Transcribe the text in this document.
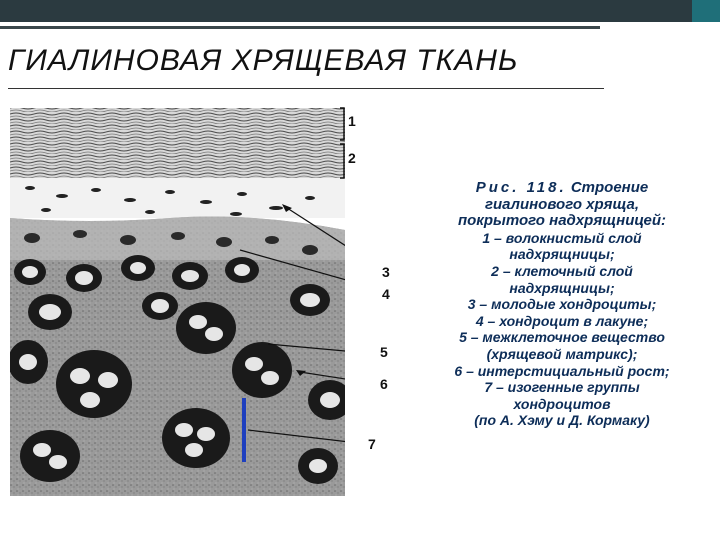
ГИАЛИНОВАЯ ХРЯЩЕВАЯ ТКАНЬ
1
2
3
4
5
6
7
Рис. 118. Строение
гиалинового хряща,
покрытого надхрящницей:
1 – волокнистый слой
надхрящницы;
2 – клеточный слой
надхрящницы;
3 – молодые хондроциты;
4 – хондроцит в лакуне;
5 – межклеточное вещество
(хрящевой матрикс);
6 – интерстициальный рост;
7 – изогенные группы
хондроцитов
(по А. Хэму и Д. Кормаку)
